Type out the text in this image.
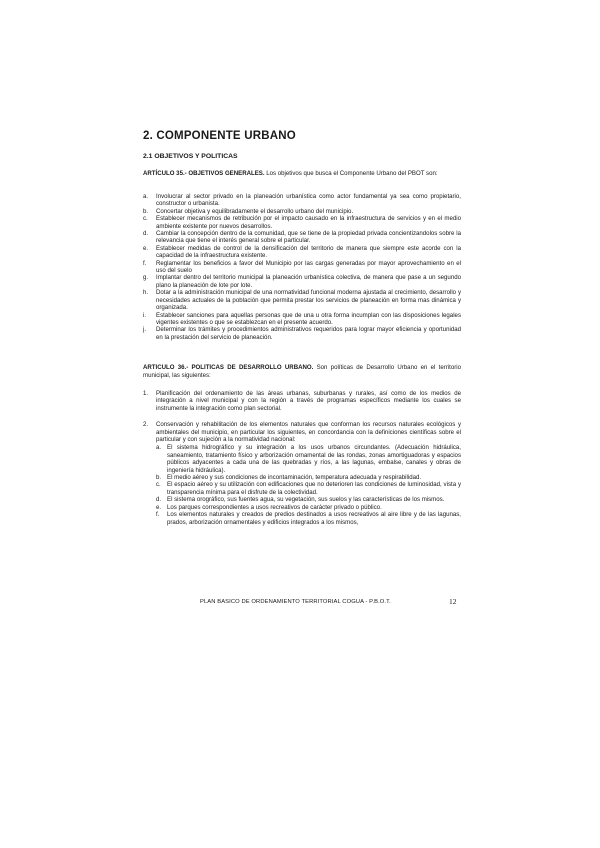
2. COMPONENTE URBANO
2.1 OBJETIVOS Y POLITICAS
ARTÍCULO 35.- OBJETIVOS GENERALES. Los objetivos que busca el Componente Urbano del PBOT son:
a. Involucrar al sector privado en la planeación urbanística como actor fundamental ya sea como propietario, constructor o urbanista.
b. Concertar objetiva y equilibradamente el desarrollo urbano del municipio.
c. Establecer mecanismos de retribución por el impacto causado en la infraestructura de servicios y en el medio ambiente existente por nuevos desarrollos.
d. Cambiar la concepción dentro de la comunidad, que se tiene de la propiedad privada concientizandolos sobre la relevancia que tiene el interés general sobre el particular.
e. Establecer medidas de control de la densificación del territorio de manera que siempre este acorde con la capacidad de la infraestructura existente.
f. Reglamentar los beneficios a favor del Municipio por las cargas generadas por mayor aprovechamiento en el uso del suelo
g. Implantar dentro del territorio municipal la planeación urbanística colectiva, de manera que pase a un segundo plano la planeación de lote por lote.
h. Dotar a la administración municipal de una normatividad funcional moderna ajustada al crecimiento, desarrollo y necesidades actuales de la población que permita prestar los servicios de planeación en forma mas dinámica y organizada.
i. Establecer sanciones para aquellas personas que de una u otra forma incumplan con las disposiciones legales vigentes existentes o que se establezcan en el presente acuerdo.
j. Determinar los trámites y procedimientos administrativos requeridos para lograr mayor eficiencia y oportunidad en la prestación del servicio de planeación.
ARTICULO 36.- POLITICAS DE DESARROLLO URBANO. Son políticas de Desarrollo Urbano en el territorio municipal, las siguientes:
1. Planificación del ordenamiento de las áreas urbanas, suburbanas y rurales, así como de los medios de integración a nivel municipal y con la región a través de programas específicos mediante los cuales se instrumente la integración como plan sectorial.
2. Conservación y rehabilitación de los elementos naturales que conforman los recursos naturales ecológicos y ambientales del municipio, en particular los siguientes, en concordancia con la definiciones científicas sobre el particular y con sujeción a la normatividad nacional:
a. El sistema hidrográfico y su integración a los usos urbanos circundantes. (Adecuación hidráulica, saneamiento, tratamiento físico y arborización ornamental de las rondas, zonas amortiguadoras y espacios públicos adyacentes a cada una de las quebradas y ríos, a las lagunas, embalse, canales y obras de ingeniería hidráulica).
b. El medio aéreo y sus condiciones de incontaminación, temperatura adecuada y respirabilidad.
c. El espacio aéreo y su utilización con edificaciones que no deterioren las condiciones de luminosidad, vista y transparencia mínima para el disfrute de la colectividad.
d. El sistema orográfico, sus fuentes agua, su vegetación, sus suelos y las características de los mismos.
e. Los parques correspondientes a usos recreativos de carácter privado o público.
f. Los elementos naturales y creados de predios destinados a usos recreativos al aire libre y de las lagunas, prados, arborización ornamentales y edificios integrados a los mismos,
PLAN BASICO DE ORDENAMIENTO TERRITORIAL COGUA - P.B.O.T.	12
